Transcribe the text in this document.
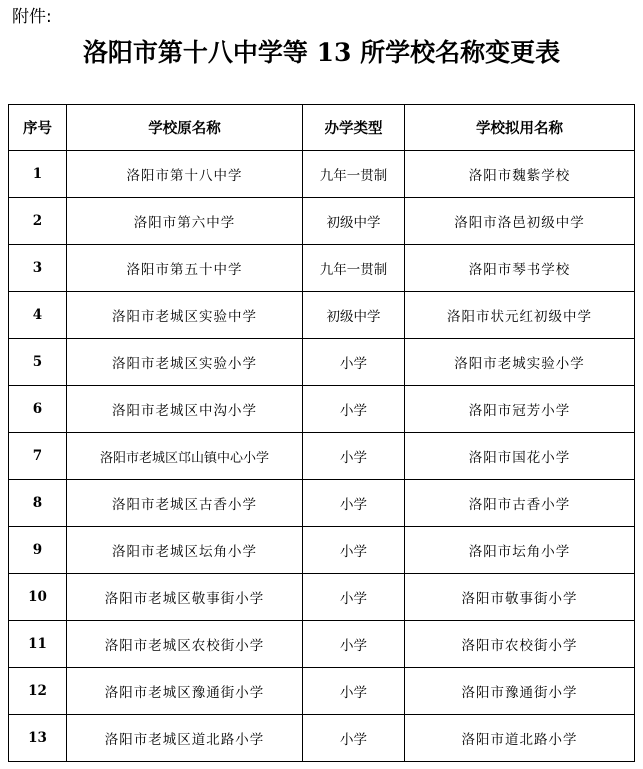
附件:
洛阳市第十八中学等 13 所学校名称变更表
序号	学校原名称	办学类型	学校拟用名称
1	洛阳市第十八中学	九年一贯制	洛阳市魏紫学校
2	洛阳市第六中学	初级中学	洛阳市洛邑初级中学
3	洛阳市第五十中学	九年一贯制	洛阳市琴书学校
4	洛阳市老城区实验中学	初级中学	洛阳市状元红初级中学
5	洛阳市老城区实验小学	小学	洛阳市老城实验小学
6	洛阳市老城区中沟小学	小学	洛阳市冠芳小学
7	洛阳市老城区邙山镇中心小学	小学	洛阳市国花小学
8	洛阳市老城区古香小学	小学	洛阳市古香小学
9	洛阳市老城区坛角小学	小学	洛阳市坛角小学
10	洛阳市老城区敬事街小学	小学	洛阳市敬事街小学
11	洛阳市老城区农校街小学	小学	洛阳市农校街小学
12	洛阳市老城区豫通街小学	小学	洛阳市豫通街小学
13	洛阳市老城区道北路小学	小学	洛阳市道北路小学
